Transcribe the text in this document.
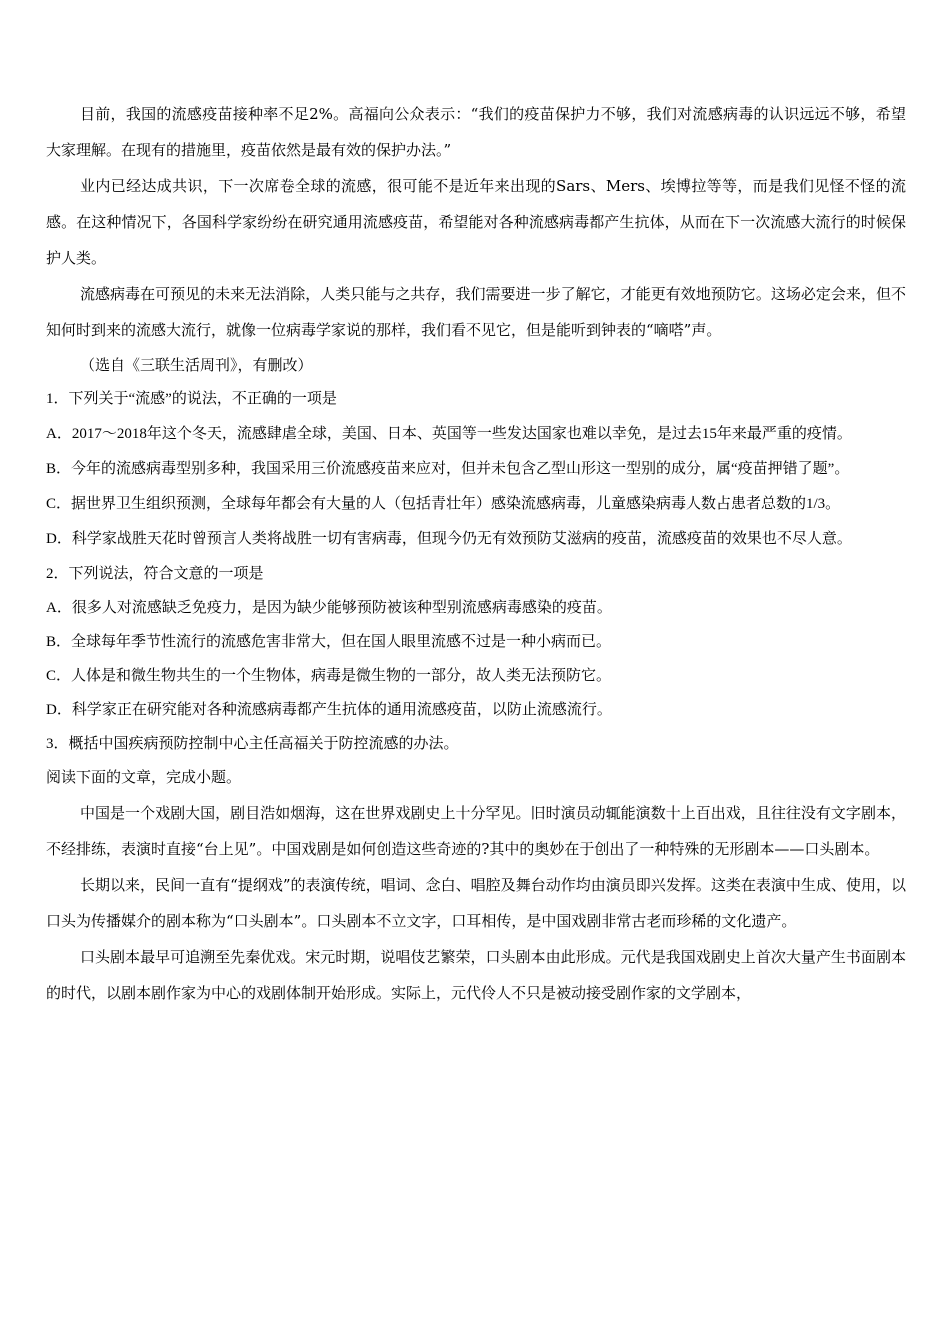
目前，我国的流感疫苗接种率不足2%。高福向公众表示：“我们的疫苗保护力不够，我们对流感病毒的认识远远不够，希望大家理解。在现有的措施里，疫苗依然是最有效的保护办法。”

业内已经达成共识，下一次席卷全球的流感，很可能不是近年来出现的Sars、Mers、埃博拉等等，而是我们见怪不怪的流感。在这种情况下，各国科学家纷纷在研究通用流感疫苗，希望能对各种流感病毒都产生抗体，从而在下一次流感大流行的时候保护人类。

流感病毒在可预见的未来无法消除，人类只能与之共存，我们需要进一步了解它，才能更有效地预防它。这场必定会来，但不知何时到来的流感大流行，就像一位病毒学家说的那样，我们看不见它，但是能听到钟表的“嘀嗒”声。

（选自《三联生活周刊》，有删改）

1．下列关于“流感”的说法，不正确的一项是

A．2017～2018年这个冬天，流感肆虐全球，美国、日本、英国等一些发达国家也难以幸免，是过去15年来最严重的疫情。

B．今年的流感病毒型别多种，我国采用三价流感疫苗来应对，但并未包含乙型山形这一型别的成分，属“疫苗押错了题”。

C．据世界卫生组织预测，全球每年都会有大量的人（包括青壮年）感染流感病毒，儿童感染病毒人数占患者总数的1/3。

D．科学家战胜天花时曾预言人类将战胜一切有害病毒，但现今仍无有效预防艾滋病的疫苗，流感疫苗的效果也不尽人意。

2．下列说法，符合文意的一项是

A．很多人对流感缺乏免疫力，是因为缺少能够预防被该种型别流感病毒感染的疫苗。

B．全球每年季节性流行的流感危害非常大，但在国人眼里流感不过是一种小病而已。

C．人体是和微生物共生的一个生物体，病毒是微生物的一部分，故人类无法预防它。

D．科学家正在研究能对各种流感病毒都产生抗体的通用流感疫苗，以防止流感流行。

3．概括中国疾病预防控制中心主任高福关于防控流感的办法。

阅读下面的文章，完成小题。

中国是一个戏剧大国，剧目浩如烟海，这在世界戏剧史上十分罕见。旧时演员动辄能演数十上百出戏，且往往没有文字剧本，不经排练，表演时直接“台上见”。中国戏剧是如何创造这些奇迹的?其中的奥妙在于创出了一种特殊的无形剧本——口头剧本。

长期以来，民间一直有“提纲戏”的表演传统，唱词、念白、唱腔及舞台动作均由演员即兴发挥。这类在表演中生成、使用，以口头为传播媒介的剧本称为“口头剧本”。口头剧本不立文字，口耳相传，是中国戏剧非常古老而珍稀的文化遗产。

口头剧本最早可追溯至先秦优戏。宋元时期，说唱伎艺繁荣，口头剧本由此形成。元代是我国戏剧史上首次大量产生书面剧本的时代，以剧本剧作家为中心的戏剧体制开始形成。实际上，元代伶人不只是被动接受剧作家的文学剧本，
